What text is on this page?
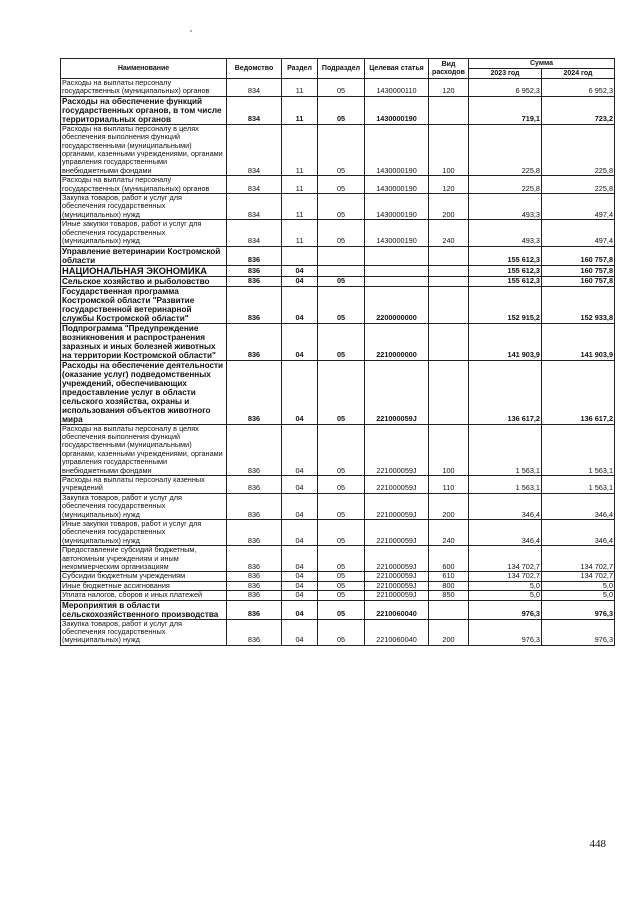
Наименование	Ведомство	Раздел	Подраздел	Целевая статья	Вид расходов	Сумма	
						2023 год	2024 год
Расходы на выплаты персоналу государственных (муниципальных) органов	834	11	05	1430000110	120	6 952,3	6 952,3
Расходы на обеспечение функций государственных органов, в том числе территориальных органов	834	11	05	1430000190		719,1	723,2
Расходы на выплаты персоналу в целях обеспечения выполнения функций государственными (муниципальными) органами, казенными учреждениями, органами управления государственными внебюджетными фондами	834	11	05	1430000190	100	225,8	225,8
Расходы на выплаты персоналу государственных (муниципальных) органов	834	11	05	1430000190	120	225,8	225,8
Закупка товаров, работ и услуг для обеспечения государственных (муниципальных) нужд	834	11	05	1430000190	200	493,3	497,4
Иные закупки товаров, работ и услуг для обеспечения государственных (муниципальных) нужд	834	11	05	1430000190	240	493,3	497,4
Управление ветеринарии Костромской области	836					155 612,3	160 757,8
НАЦИОНАЛЬНАЯ ЭКОНОМИКА	836	04				155 612,3	160 757,8
Сельское хозяйство и рыболовство	836	04	05			155 612,3	160 757,8
Государственная программа Костромской области "Развитие государственной ветеринарной службы Костромской области"	836	04	05	2200000000		152 915,2	152 933,8
Подпрограмма "Предупреждение возникновения и распространения заразных и иных болезней животных на территории Костромской области"	836	04	05	2210000000		141 903,9	141 903,9
Расходы на обеспечение деятельности (оказание услуг) подведомственных учреждений, обеспечивающих предоставление услуг в области сельского хозяйства, охраны и использования объектов животного мира	836	04	05	221000059J		136 617,2	136 617,2
Расходы на выплаты персоналу в целях обеспечения выполнения функций государственными (муниципальными) органами, казенными учреждениями, органами управления государственными внебюджетными фондами	836	04	05	221000059J	100	1 563,1	1 563,1
Расходы на выплаты персоналу казенных учреждений	836	04	05	221000059J	110	1 563,1	1 563,1
Закупка товаров, работ и услуг для обеспечения государственных (муниципальных) нужд	836	04	05	221000059J	200	346,4	346,4
Иные закупки товаров, работ и услуг для обеспечения государственных (муниципальных) нужд	836	04	05	221000059J	240	346,4	346,4
Предоставление субсидий бюджетным, автономным учреждениям и иным некоммерческим организациям	836	04	05	221000059J	600	134 702,7	134 702,7
Субсидии бюджетным учреждениям	836	04	05	221000059J	610	134 702,7	134 702,7
Иные бюджетные ассигнования	836	04	05	221000059J	800	5,0	5,0
Уплата налогов, сборов и иных платежей	836	04	05	221000059J	850	5,0	5,0
Мероприятия в области сельскохозяйственного производства	836	04	05	2210060040		976,3	976,3
Закупка товаров, работ и услуг для обеспечения государственных (муниципальных) нужд	836	04	05	2210060040	200	976,3	976,3
448
